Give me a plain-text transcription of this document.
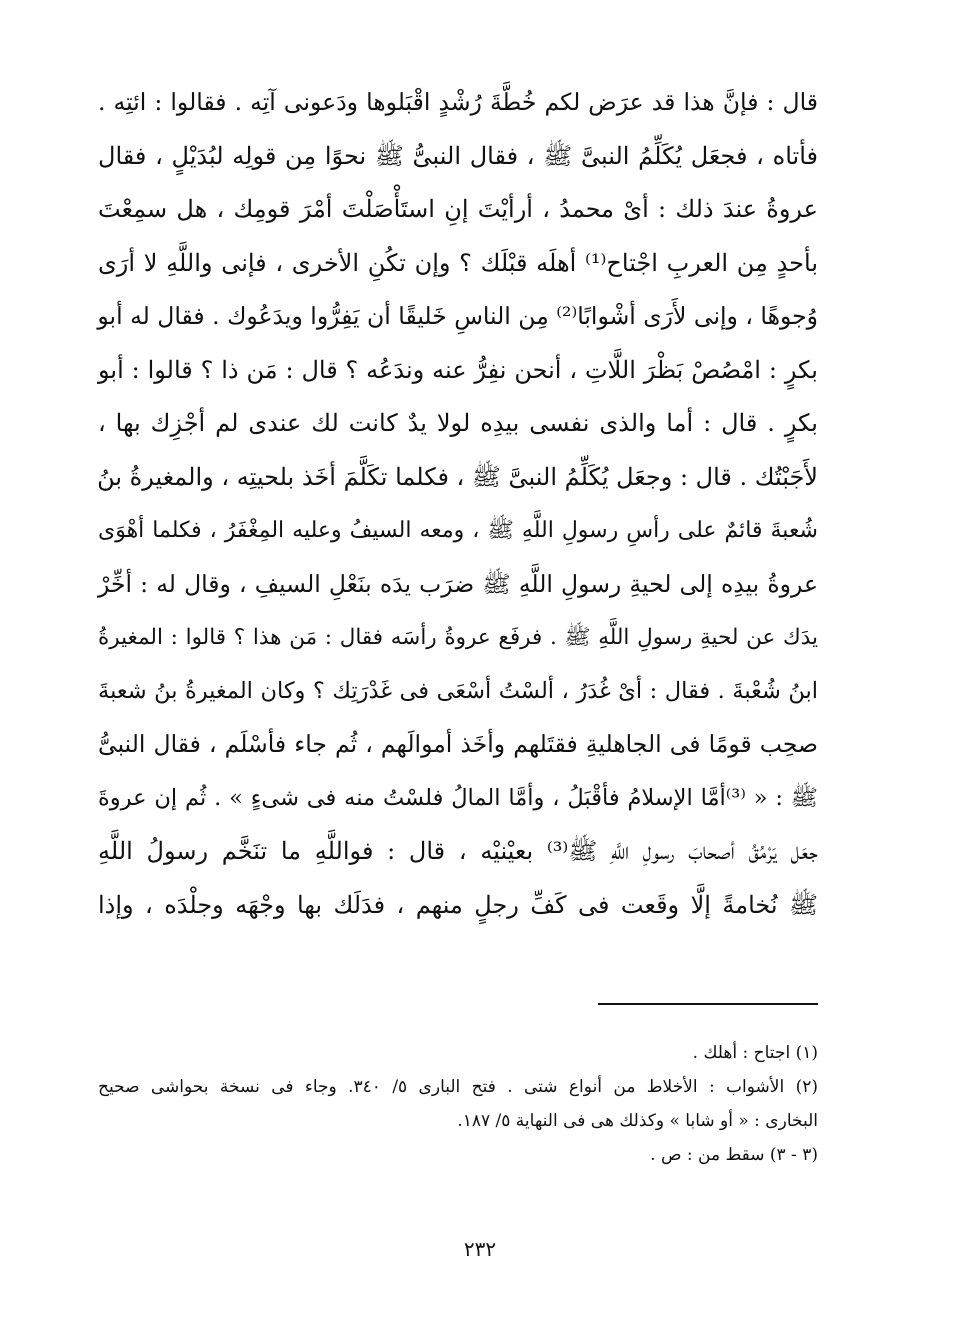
قال : فإنَّ هذا قد عرَض لكم خُطَّةَ رُشْدٍ اقْبَلوها ودَعونى آتِه . فقالوا : ائتِه .
فأتاه ، فجعَل يُكَلِّمُ النبىَّ ﷺ ، فقال النبىُّ ﷺ نحوًا مِن قولِه لبُدَيْلٍ ، فقال
عروةُ عندَ ذلك : أىْ محمدُ ، أرأيْتَ إنِ استَأْصَلْتَ أمْرَ قومِك ، هل سمِعْتَ
بأحدٍ مِن العربِ اجْتاح⁽¹⁾ أهلَه قبْلَك ؟ وإن تكُنِ الأخرى ، فإنى واللَّهِ لا أرَى
وُجوهًا ، وإنى لأَرَى أشْوابًا⁽²⁾ مِن الناسِ خَليقًا أن يَفِرُّوا ويدَعُوك . فقال له أبو
بكرٍ : امْصُصْ بَظْرَ اللَّاتِ ، أنحن نفِرُّ عنه وندَعُه ؟ قال : مَن ذا ؟ قالوا : أبو
بكرٍ . قال : أما والذى نفسى بيدِه لولا يدٌ كانت لك عندى لم أجْزِك بها ،
لأَجَبْتُك . قال : وجعَل يُكَلِّمُ النبىَّ ﷺ ، فكلما تكَلَّمَ أخَذ بلحيتِه ، والمغيرةُ بنُ
شُعبةَ قائمٌ على رأسِ رسولِ اللَّهِ ﷺ ، ومعه السيفُ وعليه المِغْفَرُ ، فكلما أهْوَى
عروةُ بيدِه إلى لحيةِ رسولِ اللَّهِ ﷺ ضرَب يدَه بنَعْلِ السيفِ ، وقال له : أخِّرْ
يدَك عن لحيةِ رسولِ اللَّهِ ﷺ . فرفَع عروةُ رأسَه فقال : مَن هذا ؟ قالوا : المغيرةُ
ابنُ شُعْبةَ . فقال : أىْ غُدَرُ ، ألسْتُ أسْعَى فى غَدْرَتِك ؟ وكان المغيرةُ بنُ شعبةَ
صحِب قومًا فى الجاهليةِ فقتَلهم وأخَذ أموالَهم ، ثُم جاء فأسْلَم ، فقال النبىُّ
ﷺ : « ⁽³⁾أمَّا الإسلامُ فأقْبَلُ ، وأمَّا المالُ فلسْتُ منه فى شىءٍ » . ثُم إن عروةَ
جعَل يَرْمُقُ أصحابَ رسولِ اللَّهِ ﷺ⁽³⁾ بعيْنيْه ، قال : فواللَّهِ ما تنَخَّم رسولُ اللَّهِ
ﷺ نُخامةً إلَّا وقَعت فى كَفِّ رجلٍ منهم ، فدَلَك بها وجْهَه وجلْدَه ، وإذا
(١) اجتاح : أهلك .
(٢) الأشواب : الأخلاط من أنواع شتى . فتح البارى ٥/ ٣٤٠. وجاء فى نسخة بحواشى صحيح
البخارى : « أو شابا » وكذلك هى فى النهاية ٥/ ١٨٧.
(٣ - ٣) سقط من : ص .
٢٣٢
